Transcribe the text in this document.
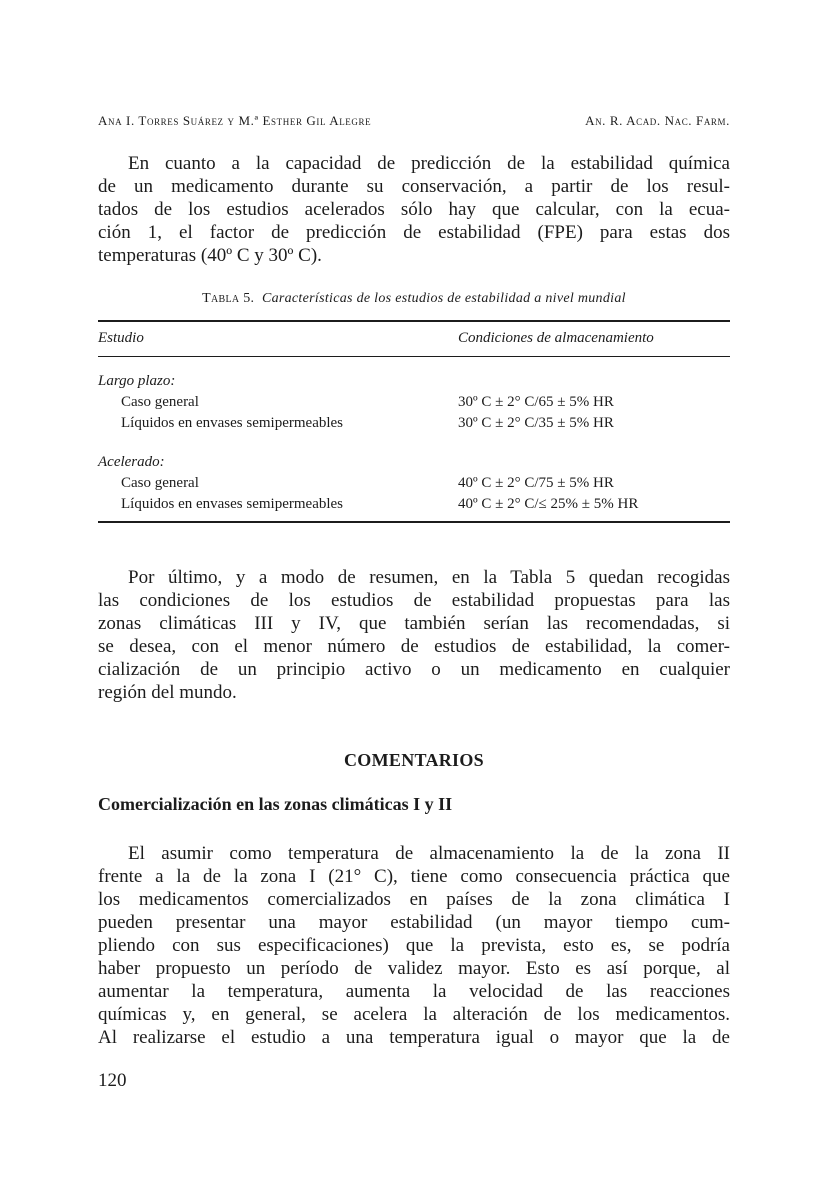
Ana I. Torres Suárez y M.ª Esther Gil Alegre	An. R. Acad. Nac. Farm.
En cuanto a la capacidad de predicción de la estabilidad química
de un medicamento durante su conservación, a partir de los resul-
tados de los estudios acelerados sólo hay que calcular, con la ecua-
ción 1, el factor de predicción de estabilidad (FPE) para estas dos
temperaturas (40º C y 30º C).
Tabla 5. Características de los estudios de estabilidad a nivel mundial
Estudio	Condiciones de almacenamiento
Largo plazo:
Caso general	30º C ± 2° C/65 ± 5% HR
Líquidos en envases semipermeables	30º C ± 2° C/35 ± 5% HR
Acelerado:
Caso general	40º C ± 2° C/75 ± 5% HR
Líquidos en envases semipermeables	40º C ± 2° C/≤ 25% ± 5% HR
Por último, y a modo de resumen, en la Tabla 5 quedan recogidas
las condiciones de los estudios de estabilidad propuestas para las
zonas climáticas III y IV, que también serían las recomendadas, si
se desea, con el menor número de estudios de estabilidad, la comer-
cialización de un principio activo o un medicamento en cualquier
región del mundo.
COMENTARIOS
Comercialización en las zonas climáticas I y II
El asumir como temperatura de almacenamiento la de la zona II
frente a la de la zona I (21° C), tiene como consecuencia práctica que
los medicamentos comercializados en países de la zona climática I
pueden presentar una mayor estabilidad (un mayor tiempo cum-
pliendo con sus especificaciones) que la prevista, esto es, se podría
haber propuesto un período de validez mayor. Esto es así porque, al
aumentar la temperatura, aumenta la velocidad de las reacciones
químicas y, en general, se acelera la alteración de los medicamentos.
Al realizarse el estudio a una temperatura igual o mayor que la de
120
